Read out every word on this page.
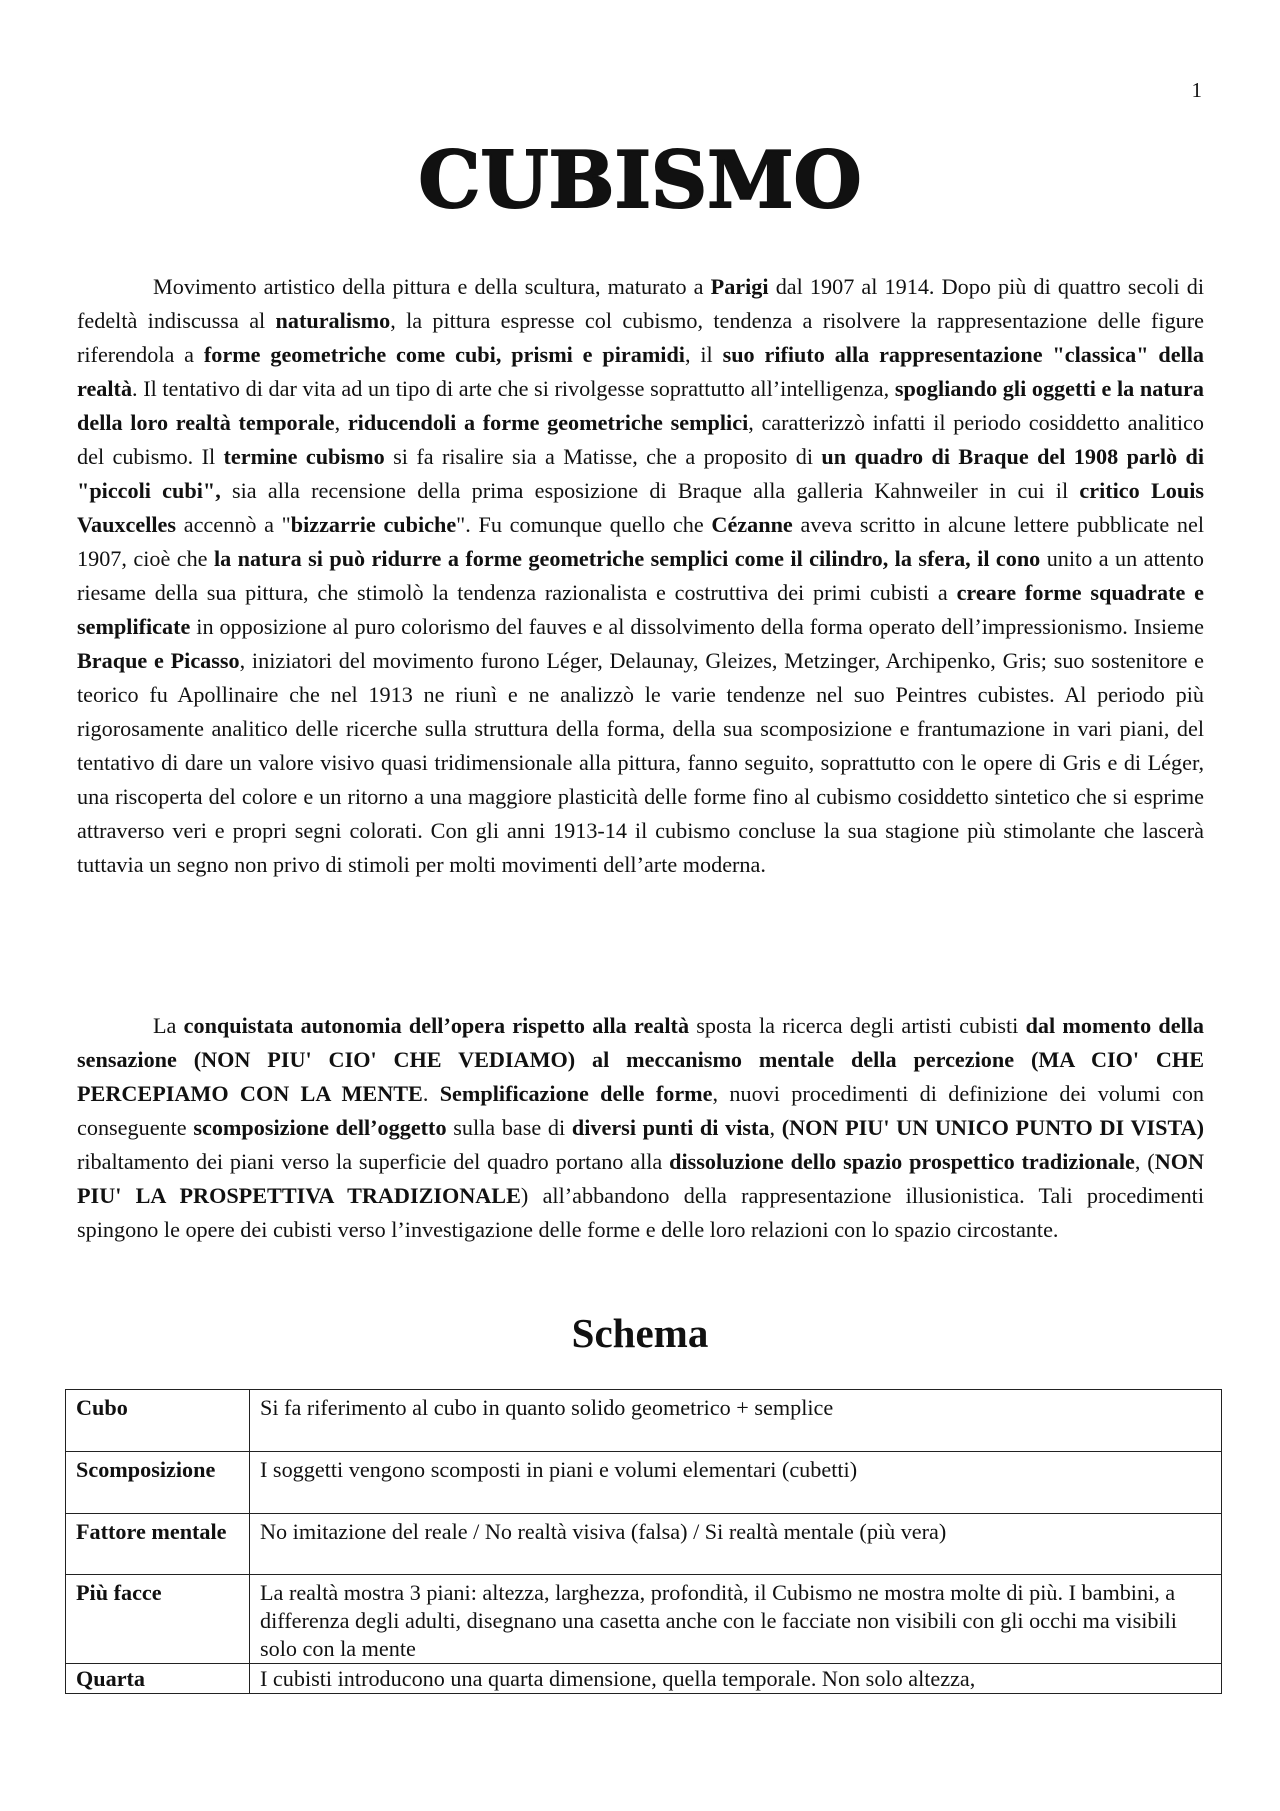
1
CUBISMO

Movimento artistico della pittura e della scultura, maturato a Parigi dal 1907 al 1914. Dopo più di quattro secoli di fedeltà indiscussa al naturalismo, la pittura espresse col cubismo, tendenza a risolvere la rappresentazione delle figure riferendola a forme geometriche come cubi, prismi e piramidi, il suo rifiuto alla rappresentazione "classica" della realtà. Il tentativo di dar vita ad un tipo di arte che si rivolgesse soprattutto all’intelligenza, spogliando gli oggetti e la natura della loro realtà temporale, riducendoli a forme geometriche semplici, caratterizzò infatti il periodo cosiddetto analitico del cubismo. Il termine cubismo si fa risalire sia a Matisse, che a proposito di un quadro di Braque del 1908 parlò di "piccoli cubi", sia alla recensione della prima esposizione di Braque alla galleria Kahnweiler in cui il critico Louis Vauxcelles accennò a "bizzarrie cubiche". Fu comunque quello che Cézanne aveva scritto in alcune lettere pubblicate nel 1907, cioè che la natura si può ridurre a forme geometriche semplici come il cilindro, la sfera, il cono unito a un attento riesame della sua pittura, che stimolò la tendenza razionalista e costruttiva dei primi cubisti a creare forme squadrate e semplificate in opposizione al puro colorismo del fauves e al dissolvimento della forma operato dell’impressionismo. Insieme Braque e Picasso, iniziatori del movimento furono Léger, Delaunay, Gleizes, Metzinger, Archipenko, Gris; suo sostenitore e teorico fu Apollinaire che nel 1913 ne riunì e ne analizzò le varie tendenze nel suo Peintres cubistes. Al periodo più rigorosamente analitico delle ricerche sulla struttura della forma, della sua scomposizione e frantumazione in vari piani, del tentativo di dare un valore visivo quasi tridimensionale alla pittura, fanno seguito, soprattutto con le opere di Gris e di Léger, una riscoperta del colore e un ritorno a una maggiore plasticità delle forme fino al cubismo cosiddetto sintetico che si esprime attraverso veri e propri segni colorati. Con gli anni 1913-14 il cubismo concluse la sua stagione più stimolante che lascerà tuttavia un segno non privo di stimoli per molti movimenti dell’arte moderna.

La conquistata autonomia dell’opera rispetto alla realtà sposta la ricerca degli artisti cubisti dal momento della sensazione (NON PIU' CIO' CHE VEDIAMO) al meccanismo mentale della percezione (MA CIO' CHE PERCEPIAMO CON LA MENTE. Semplificazione delle forme, nuovi procedimenti di definizione dei volumi con conseguente scomposizione dell’oggetto sulla base di diversi punti di vista, (NON PIU' UN UNICO PUNTO DI VISTA) ribaltamento dei piani verso la superficie del quadro portano alla dissoluzione dello spazio prospettico tradizionale, (NON PIU' LA PROSPETTIVA TRADIZIONALE) all’abbandono della rappresentazione illusionistica. Tali procedimenti spingono le opere dei cubisti verso l’investigazione delle forme e delle loro relazioni con lo spazio circostante.

Schema
Cubo	Si fa riferimento al cubo in quanto solido geometrico + semplice
Scomposizione	I soggetti vengono scomposti in piani e volumi elementari (cubetti)
Fattore mentale	No imitazione del reale / No realtà visiva (falsa) / Si realtà mentale (più vera)
Più facce	La realtà mostra 3 piani: altezza, larghezza, profondità, il Cubismo ne mostra molte di più. I bambini, a differenza degli adulti, disegnano una casetta anche con le facciate non visibili con gli occhi ma visibili solo con la mente
Quarta	I cubisti introducono una quarta dimensione, quella temporale. Non solo altezza,
